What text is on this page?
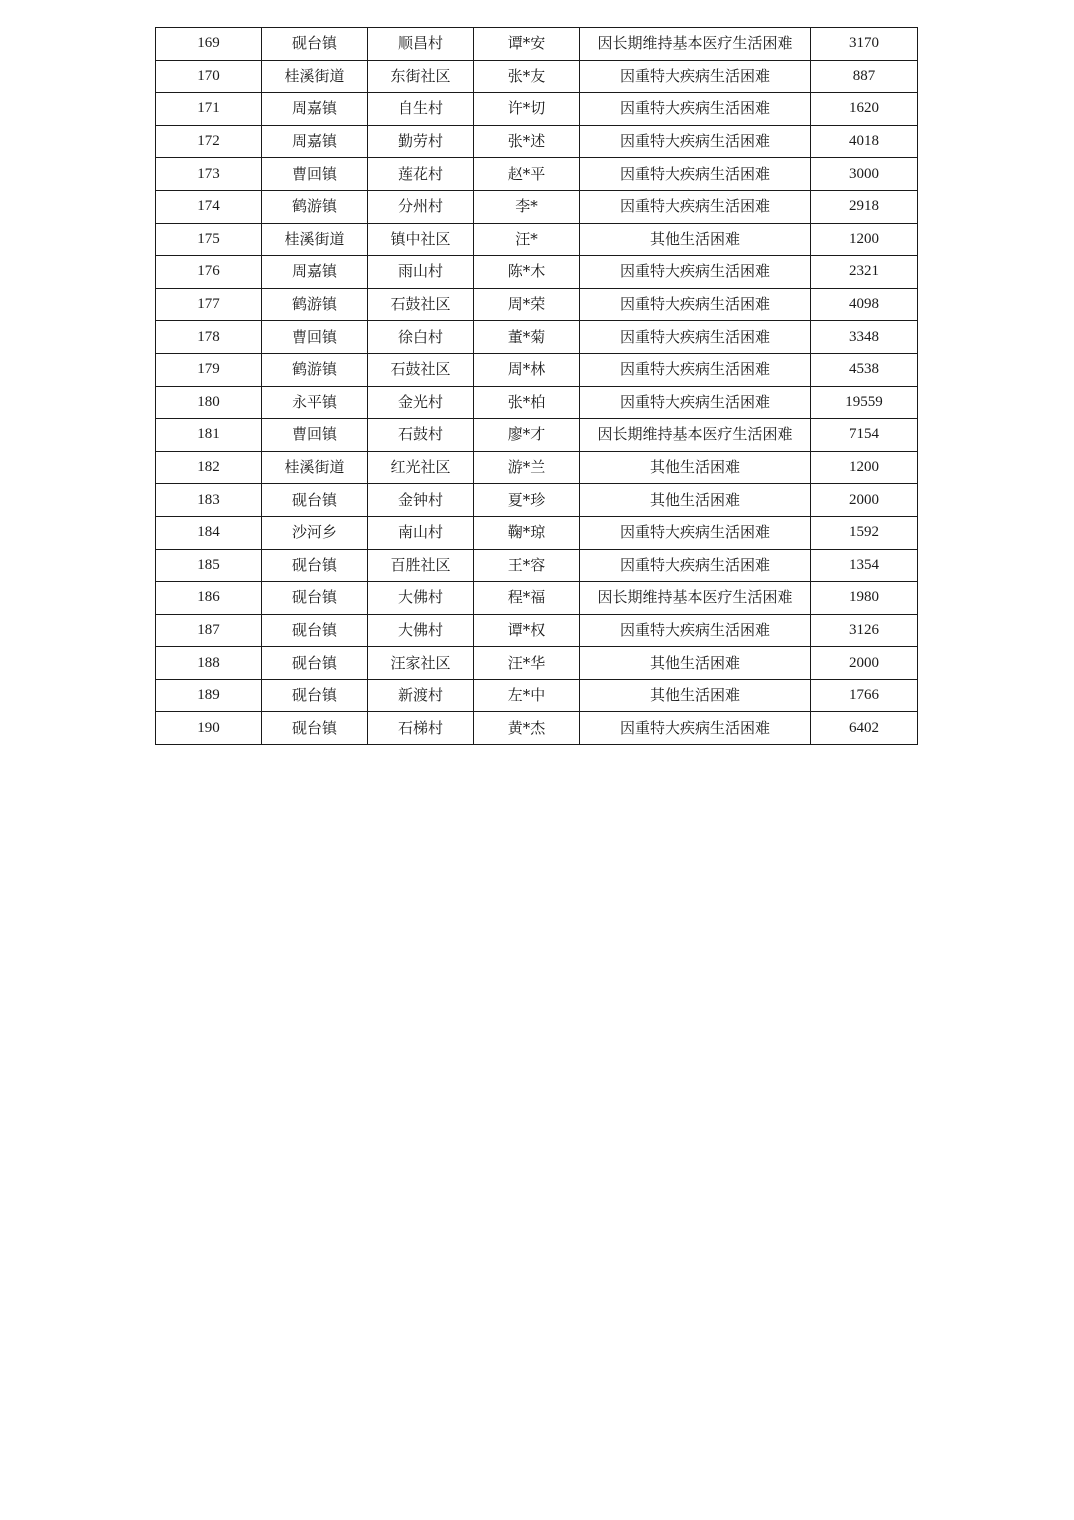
169	砚台镇	顺昌村	谭*安	因长期维持基本医疗生活困难	3170
170	桂溪街道	东街社区	张*友	因重特大疾病生活困难	887
171	周嘉镇	自生村	许*切	因重特大疾病生活困难	1620
172	周嘉镇	勤劳村	张*述	因重特大疾病生活困难	4018
173	曹回镇	莲花村	赵*平	因重特大疾病生活困难	3000
174	鹤游镇	分州村	李*	因重特大疾病生活困难	2918
175	桂溪街道	镇中社区	汪*	其他生活困难	1200
176	周嘉镇	雨山村	陈*木	因重特大疾病生活困难	2321
177	鹤游镇	石鼓社区	周*荣	因重特大疾病生活困难	4098
178	曹回镇	徐白村	董*菊	因重特大疾病生活困难	3348
179	鹤游镇	石鼓社区	周*林	因重特大疾病生活困难	4538
180	永平镇	金光村	张*柏	因重特大疾病生活困难	19559
181	曹回镇	石鼓村	廖*才	因长期维持基本医疗生活困难	7154
182	桂溪街道	红光社区	游*兰	其他生活困难	1200
183	砚台镇	金钟村	夏*珍	其他生活困难	2000
184	沙河乡	南山村	鞠*琼	因重特大疾病生活困难	1592
185	砚台镇	百胜社区	王*容	因重特大疾病生活困难	1354
186	砚台镇	大佛村	程*福	因长期维持基本医疗生活困难	1980
187	砚台镇	大佛村	谭*权	因重特大疾病生活困难	3126
188	砚台镇	汪家社区	汪*华	其他生活困难	2000
189	砚台镇	新渡村	左*中	其他生活困难	1766
190	砚台镇	石梯村	黄*杰	因重特大疾病生活困难	6402
